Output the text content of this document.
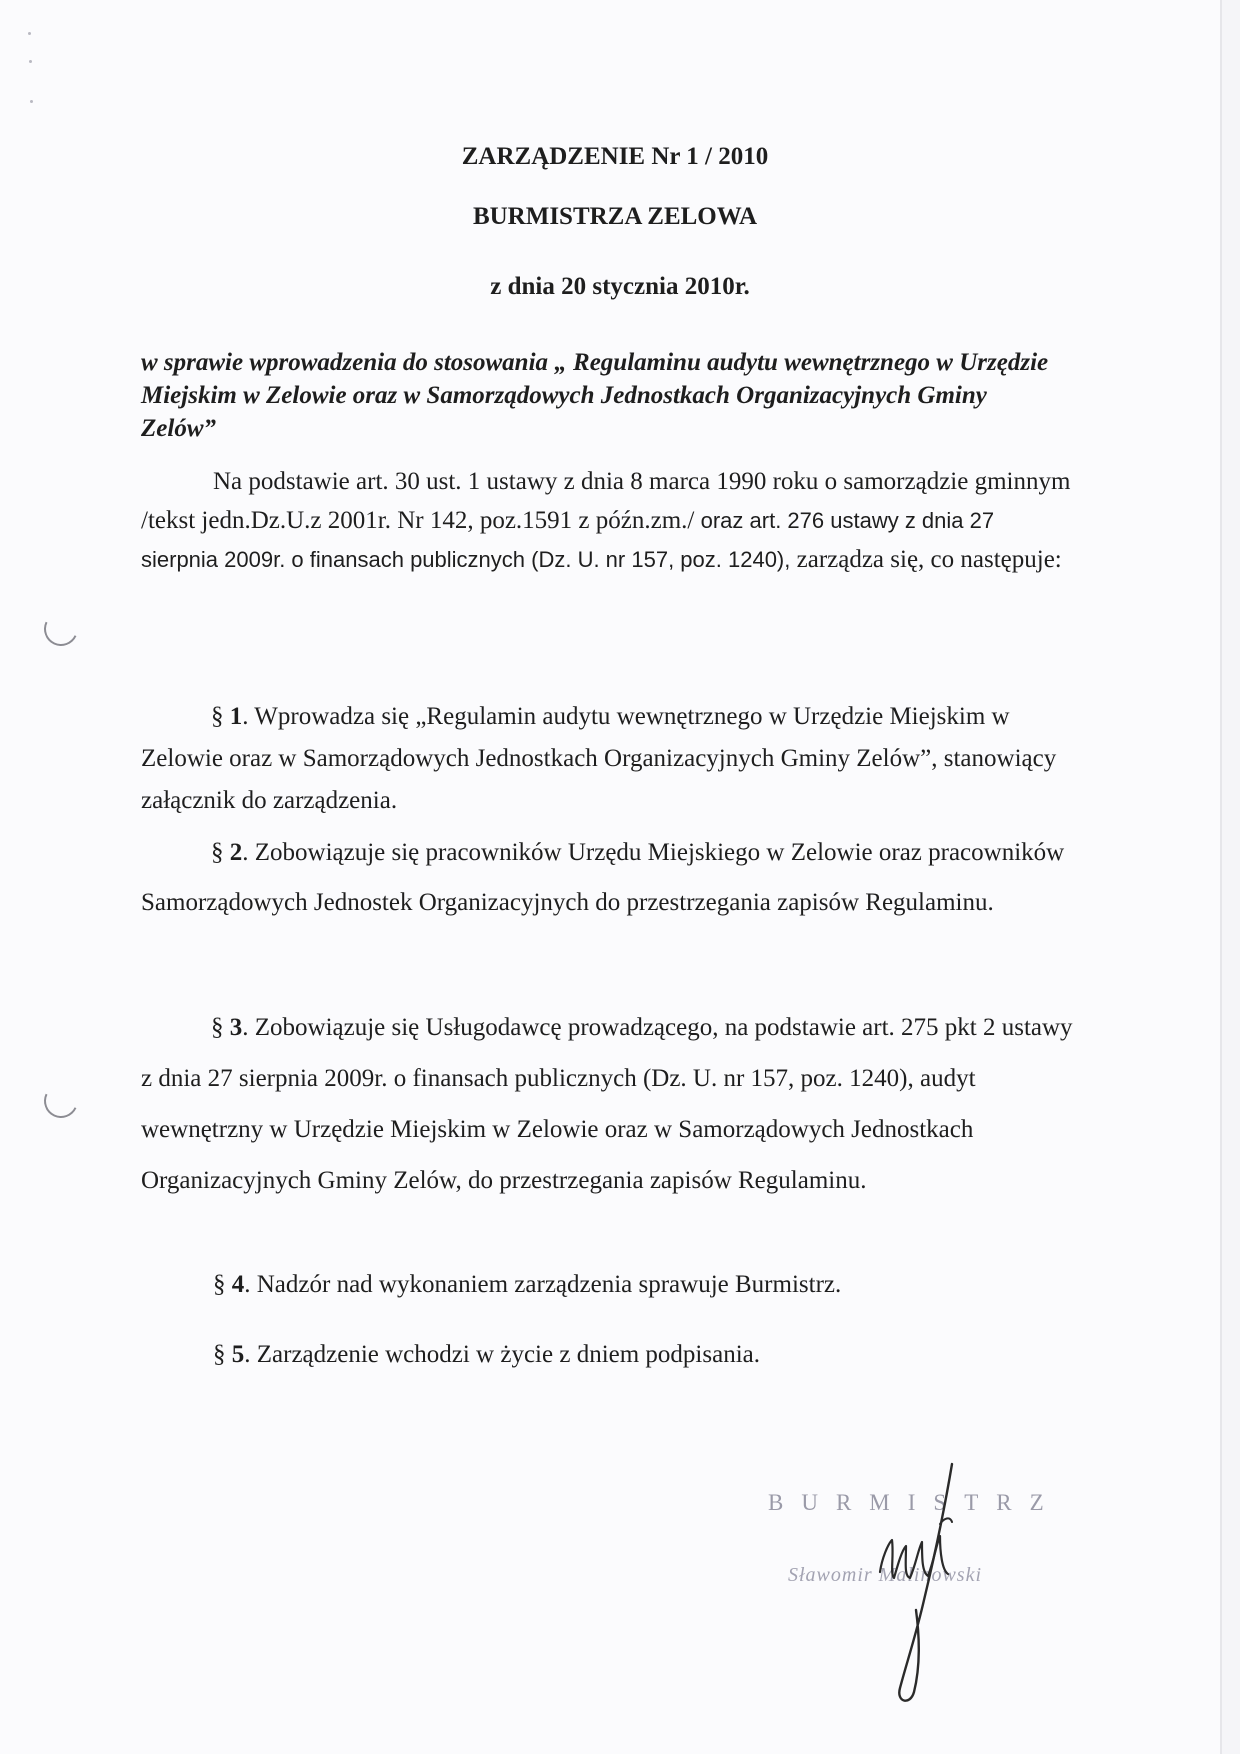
ZARZĄDZENIE Nr 1 / 2010
BURMISTRZA ZELOWA
z dnia 20 stycznia 2010r.
w sprawie wprowadzenia do stosowania „ Regulaminu audytu wewnętrznego w Urzędzie Miejskim w Zelowie oraz w Samorządowych Jednostkach Organizacyjnych Gminy Zelów”
Na podstawie art. 30 ust. 1 ustawy z dnia 8 marca 1990 roku o samorządzie gminnym /tekst jedn.Dz.U.z 2001r. Nr 142, poz.1591 z późn.zm./ oraz art. 276 ustawy z dnia 27 sierpnia 2009r. o finansach publicznych (Dz. U. nr 157, poz. 1240), zarządza się, co następuje:
§ 1. Wprowadza się „Regulamin audytu wewnętrznego w Urzędzie Miejskim w Zelowie oraz w Samorządowych Jednostkach Organizacyjnych Gminy Zelów”, stanowiący załącznik do zarządzenia.
§ 2. Zobowiązuje się pracowników Urzędu Miejskiego w Zelowie oraz pracowników Samorządowych Jednostek Organizacyjnych do przestrzegania zapisów Regulaminu.
§ 3. Zobowiązuje się Usługodawcę prowadzącego, na podstawie art. 275 pkt 2 ustawy z dnia 27 sierpnia 2009r. o finansach publicznych (Dz. U. nr 157, poz. 1240), audyt wewnętrzny w Urzędzie Miejskim w Zelowie oraz w Samorządowych Jednostkach Organizacyjnych Gminy Zelów, do przestrzegania zapisów Regulaminu.
§ 4. Nadzór nad wykonaniem zarządzenia sprawuje Burmistrz.
§ 5. Zarządzenie wchodzi w życie z dniem podpisania.
BURMISTRZ
Sławomir Malinowski
